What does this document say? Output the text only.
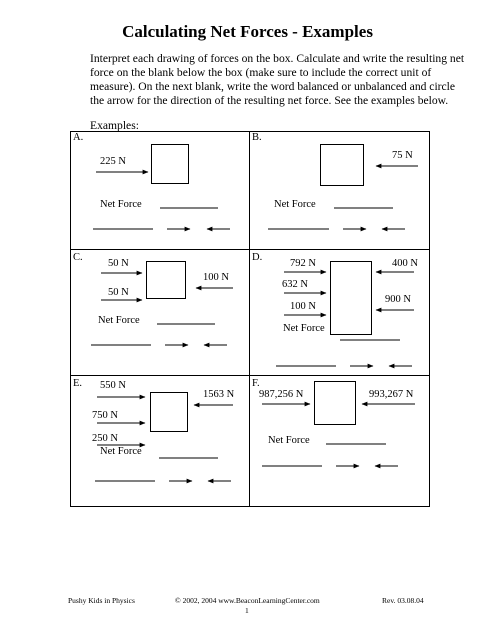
Calculating Net Forces - Examples
Interpret each drawing of forces on the box. Calculate and write the resulting net force on the blank below the box (make sure to include the correct unit of measure). On the next blank, write the word balanced or unbalanced and circle the arrow for the direction of the resulting net force. See the examples below.
Examples:
A.
225 N
Net Force
B.
75 N
Net Force
C.
50 N
50 N
100 N
Net Force
D.
792 N
632 N
100 N
400 N
900 N
Net Force
E. 550 N
750 N
250 N
1563 N
Net Force
F.
987,256 N	993,267 N
Net Force
Pushy Kids in Physics	© 2002, 2004 www.BeaconLearningCenter.com	Rev. 03.08.04
1
